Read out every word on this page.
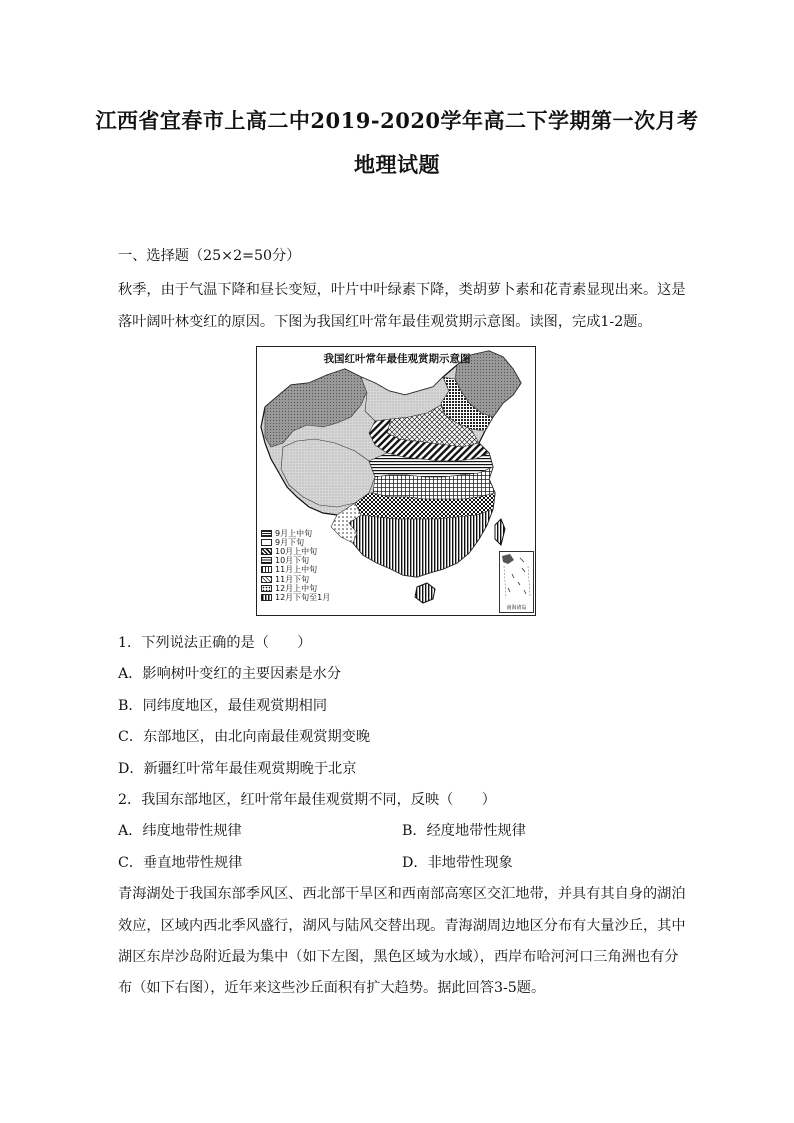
江西省宜春市上高二中2019-2020学年高二下学期第一次月考
地理试题
一、选择题（25×2=50分）
秋季，由于气温下降和昼长变短，叶片中叶绿素下降，类胡萝卜素和花青素显现出来。这是
落叶阔叶林变红的原因。下图为我国红叶常年最佳观赏期示意图。读图，完成1-2题。
我国红叶常年最佳观赏期示意图
9月上中旬
9月下旬
10月上中旬
10月下旬
11月上中旬
11月下旬
12月上中旬
12月下旬至1月
南海诸岛
1．下列说法正确的是（　　）
A．影响树叶变红的主要因素是水分
B．同纬度地区，最佳观赏期相同
C．东部地区，由北向南最佳观赏期变晚
D．新疆红叶常年最佳观赏期晚于北京
2．我国东部地区，红叶常年最佳观赏期不同，反映（　　）
A．纬度地带性规律	B．经度地带性规律
C．垂直地带性规律	D．非地带性现象
青海湖处于我国东部季风区、西北部干旱区和西南部高寒区交汇地带，并具有其自身的湖泊
效应，区域内西北季风盛行，湖风与陆风交替出现。青海湖周边地区分布有大量沙丘，其中
湖区东岸沙岛附近最为集中（如下左图，黑色区域为水域），西岸布哈河河口三角洲也有分
布（如下右图），近年来这些沙丘面积有扩大趋势。据此回答3-5题。
